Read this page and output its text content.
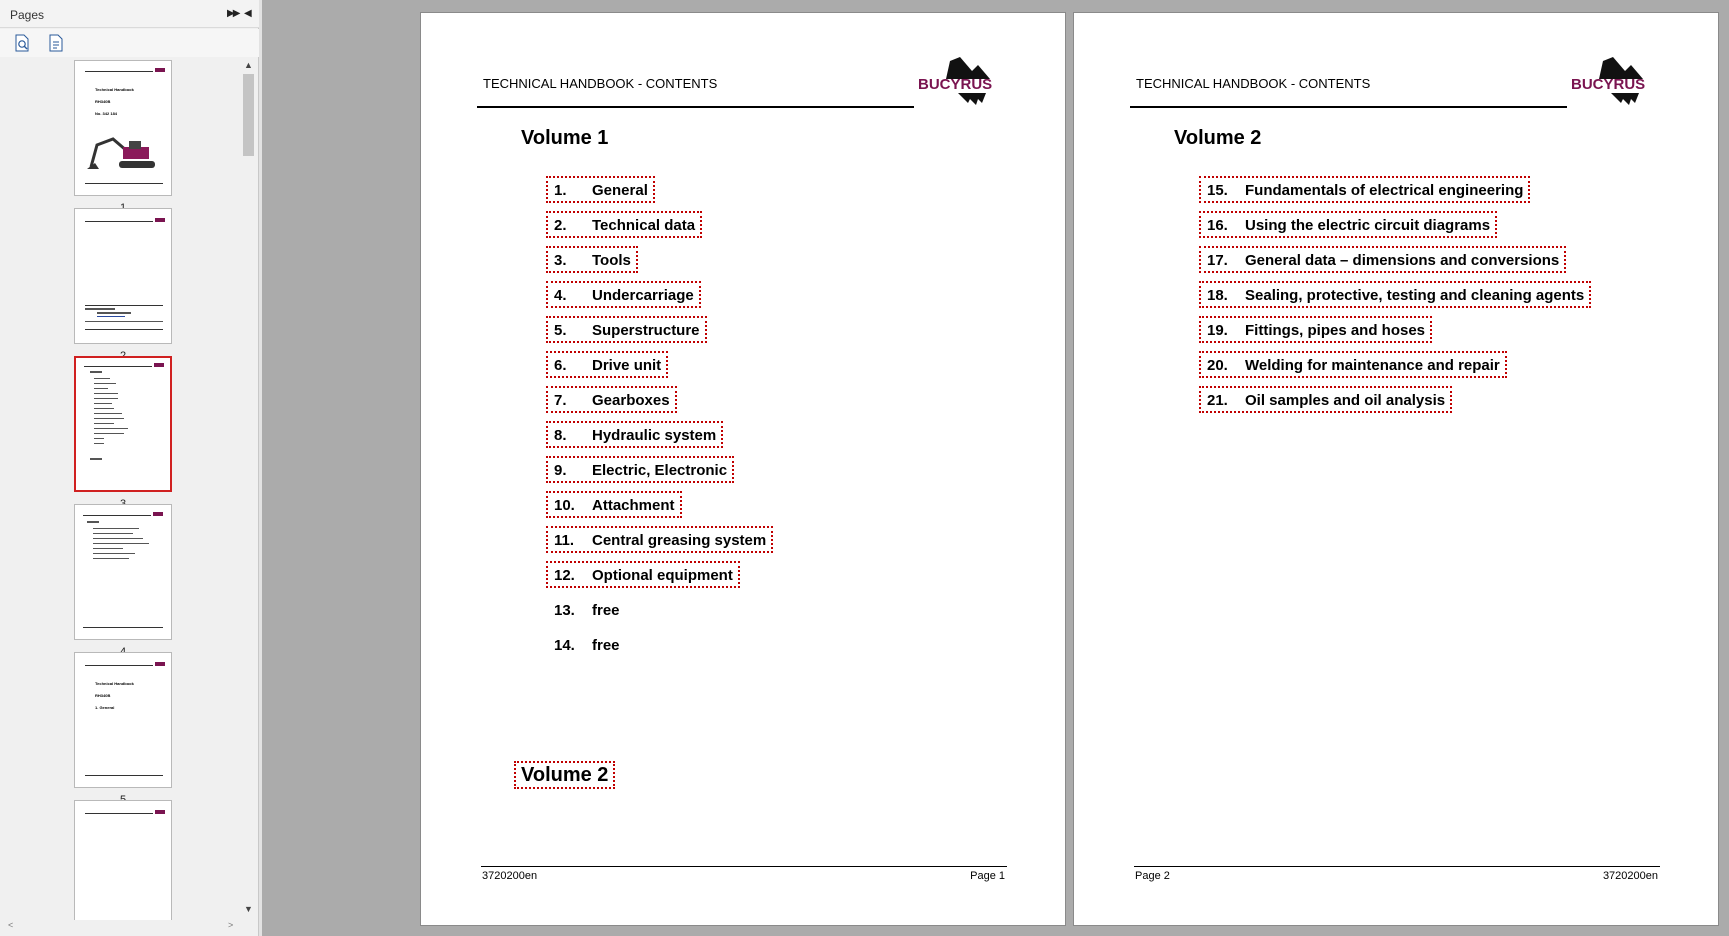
Pages	▶▶ ◀
Technical Handbook
RH340B
No. 342 184
Technical Handbook
RH340B
1. General
▲
▼
<	>
TECHNICAL HANDBOOK - CONTENTS	BUCYRUS
Volume 1
1. General
2. Technical data
3. Tools
4. Undercarriage
5. Superstructure
6. Drive unit
7. Gearboxes
8. Hydraulic system
9. Electric, Electronic
10. Attachment
11. Central greasing system
12. Optional equipment
13. free
14. free
Volume 2
3720200en	Page 1
TECHNICAL HANDBOOK - CONTENTS	BUCYRUS
Volume 2
15. Fundamentals of electrical engineering
16. Using the electric circuit diagrams
17. General data – dimensions and conversions
18. Sealing, protective, testing and cleaning agents
19. Fittings, pipes and hoses
20. Welding for maintenance and repair
21. Oil samples and oil analysis
Page 2	3720200en
